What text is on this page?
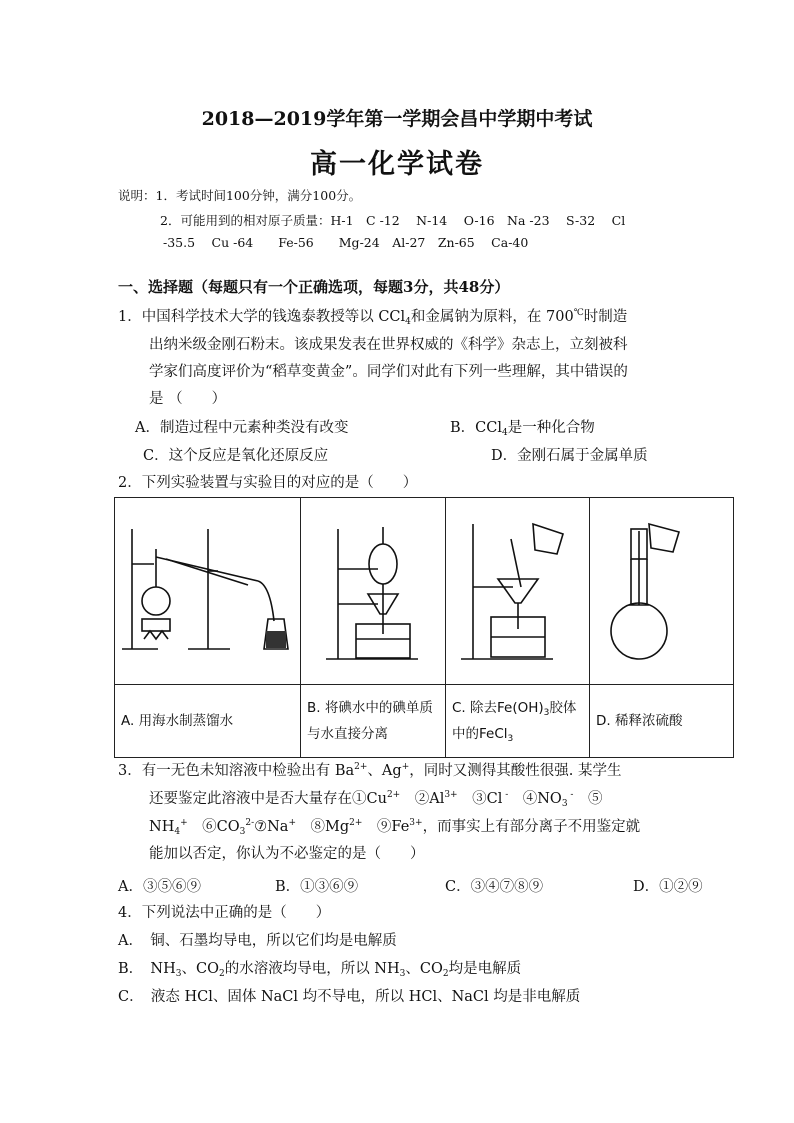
2018—2019学年第一学期会昌中学期中考试
高一化学试卷
说明：1．考试时间100分钟，满分100分。
2．可能用到的相对原子质量：H-1　C -12　 N-14　 O-16　Na -23　 S-32　 Cl
-35.5　 Cu -64　　Fe-56　　Mg-24　Al-27　Zn-65　 Ca-40
一、选择题（每题只有一个正确选项，每题3分，共48分）
1．中国科学技术大学的钱逸泰教授等以 CCl$_4$和金属钠为原料，在 700℃时制造
出纳米级金刚石粉末。该成果发表在世界权威的《科学》杂志上，立刻被科
学家们高度评价为“稻草变黄金”。同学们对此有下列一些理解，其中错误的
是 （　　）
A．制造过程中元素种类没有改变	B．CCl$_4$是一种化合物
C．这个反应是氧化还原反应	D．金刚石属于金属单质
2．下列实验装置与实验目的对应的是（　　）

A. 用海水制蒸馏水	B. 将碘水中的碘单质与水直接分离	C. 除去$Fe(OH)_3$胶体中的FeCl$_3$	D. 稀释浓硫酸
3．有一无色未知溶液中检验出有 $Ba^{2+}$、Ag+，同时又测得其酸性很强. 某学生
还要鉴定此溶液中是否大量存在$①Cu^{2+}$　$②Al^{3+}$　③Cl -　$④NO_3$ -　⑤
$NH_4^+$　$⑥CO_3^{2-}⑦Na^+$　$⑧Mg^{2+}$　$⑨Fe^{3+}$，而事实上有部分离子不用鉴定就
能加以否定，你认为不必鉴定的是（　　）
A．③⑤⑥⑨	B．①③⑥⑨	C．③④⑦⑧⑨	D．①②⑨
4．下列说法中正确的是（　　）
A．　铜、石墨均导电，所以它们均是电解质
B．　$NH_3$、$CO_2$的水溶液均导电，所以 $NH_3$、$CO_2$均是电解质
C．　液态 HCl、固体 NaCl 均不导电，所以 HCl、NaCl 均是非电解质
